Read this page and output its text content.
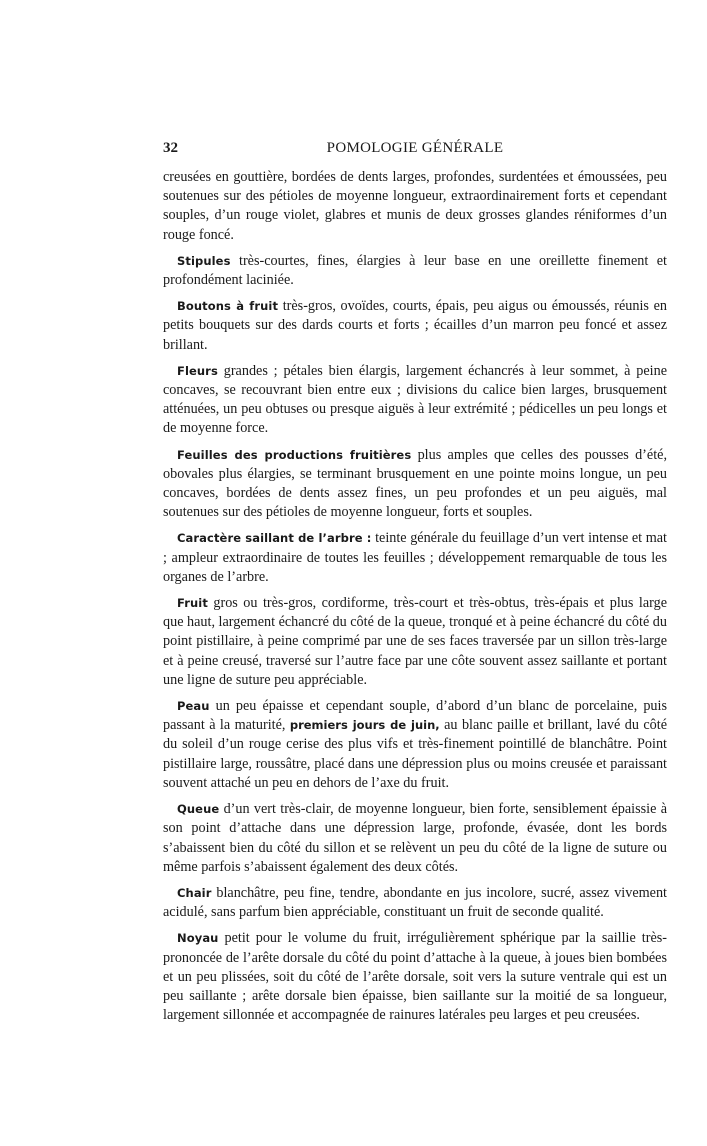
32	POMOLOGIE GÉNÉRALE

creusées en gouttière, bordées de dents larges, profondes, surdentées et émoussées, peu soutenues sur des pétioles de moyenne longueur, extraordinairement forts et cependant souples, d’un rouge violet, glabres et munis de deux grosses glandes réniformes d’un rouge foncé.

Stipules très-courtes, fines, élargies à leur base en une oreillette finement et profondément laciniée.

Boutons à fruit très-gros, ovoïdes, courts, épais, peu aigus ou émoussés, réunis en petits bouquets sur des dards courts et forts ; écailles d’un marron peu foncé et assez brillant.

Fleurs grandes ; pétales bien élargis, largement échancrés à leur sommet, à peine concaves, se recouvrant bien entre eux ; divisions du calice bien larges, brusquement atténuées, un peu obtuses ou presque aiguës à leur extrémité ; pédicelles un peu longs et de moyenne force.

Feuilles des productions fruitières plus amples que celles des pousses d’été, obovales plus élargies, se terminant brusquement en une pointe moins longue, un peu concaves, bordées de dents assez fines, un peu profondes et un peu aiguës, mal soutenues sur des pétioles de moyenne longueur, forts et souples.

Caractère saillant de l’arbre : teinte générale du feuillage d’un vert intense et mat ; ampleur extraordinaire de toutes les feuilles ; développement remarquable de tous les organes de l’arbre.

Fruit gros ou très-gros, cordiforme, très-court et très-obtus, très-épais et plus large que haut, largement échancré du côté de la queue, tronqué et à peine échancré du côté du point pistillaire, à peine comprimé par une de ses faces traversée par un sillon très-large et à peine creusé, traversé sur l’autre face par une côte souvent assez saillante et portant une ligne de suture peu appréciable.

Peau un peu épaisse et cependant souple, d’abord d’un blanc de porcelaine, puis passant à la maturité, premiers jours de juin, au blanc paille et brillant, lavé du côté du soleil d’un rouge cerise des plus vifs et très-finement pointillé de blanchâtre. Point pistillaire large, roussâtre, placé dans une dépression plus ou moins creusée et paraissant souvent attaché un peu en dehors de l’axe du fruit.

Queue d’un vert très-clair, de moyenne longueur, bien forte, sensiblement épaissie à son point d’attache dans une dépression large, profonde, évasée, dont les bords s’abaissent bien du côté du sillon et se relèvent un peu du côté de la ligne de suture ou même parfois s’abaissent également des deux côtés.

Chair blanchâtre, peu fine, tendre, abondante en jus incolore, sucré, assez vivement acidulé, sans parfum bien appréciable, constituant un fruit de seconde qualité.

Noyau petit pour le volume du fruit, irrégulièrement sphérique par la saillie très-prononcée de l’arête dorsale du côté du point d’attache à la queue, à joues bien bombées et un peu plissées, soit du côté de l’arête dorsale, soit vers la suture ventrale qui est un peu saillante ; arête dorsale bien épaisse, bien saillante sur la moitié de sa longueur, largement sillonnée et accompagnée de rainures latérales peu larges et peu creusées.
